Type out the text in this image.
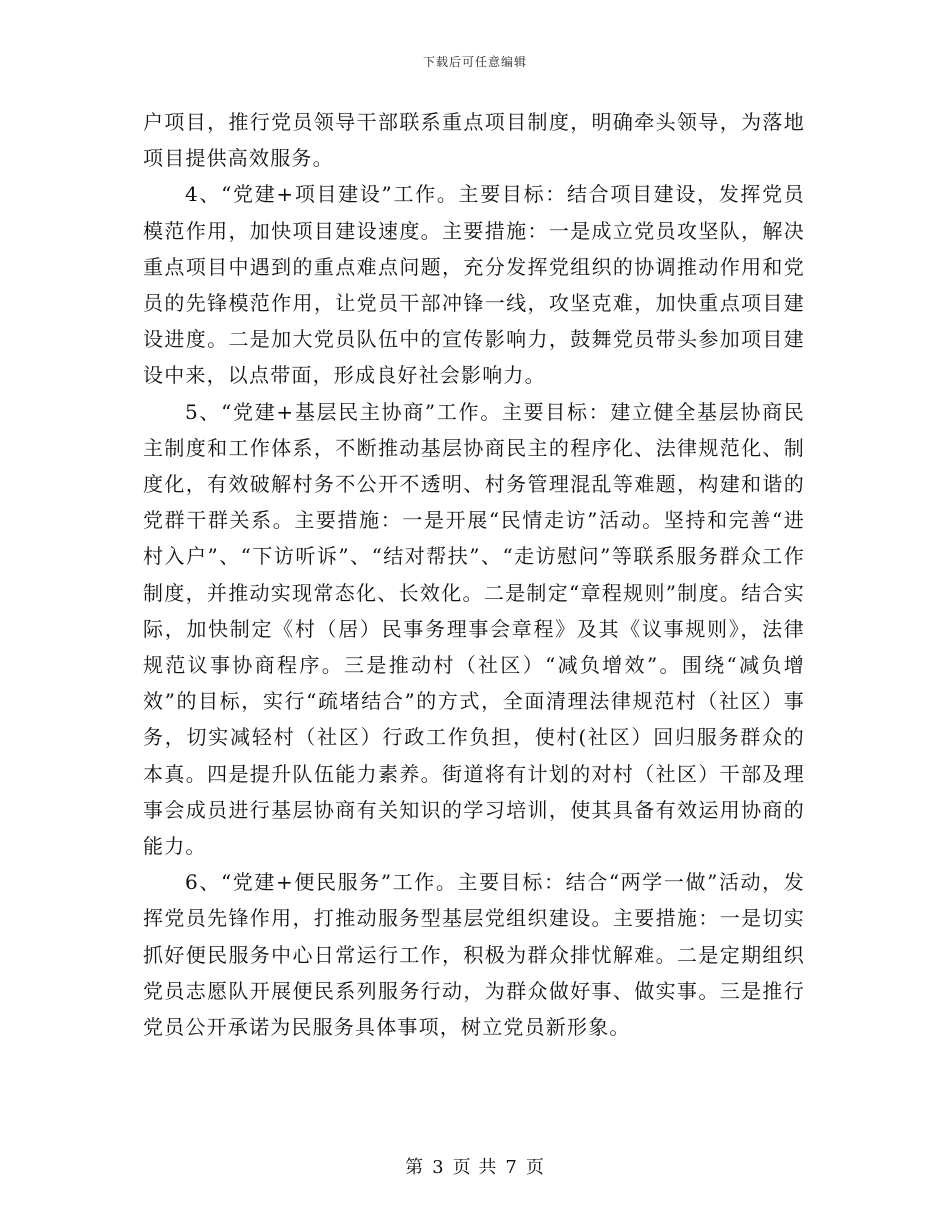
下载后可任意编辑

户项目，推行党员领导干部联系重点项目制度，明确牵头领导，为落地项目提供高效服务。

4、“党建+项目建设”工作。主要目标：结合项目建设，发挥党员模范作用，加快项目建设速度。主要措施：一是成立党员攻坚队，解决重点项目中遇到的重点难点问题，充分发挥党组织的协调推动作用和党员的先锋模范作用，让党员干部冲锋一线，攻坚克难，加快重点项目建设进度。二是加大党员队伍中的宣传影响力，鼓舞党员带头参加项目建设中来，以点带面，形成良好社会影响力。

5、“党建+基层民主协商”工作。主要目标：建立健全基层协商民主制度和工作体系，不断推动基层协商民主的程序化、法律规范化、制度化，有效破解村务不公开不透明、村务管理混乱等难题，构建和谐的党群干群关系。主要措施：一是开展“民情走访”活动。坚持和完善“进村入户”、“下访听诉”、“结对帮扶”、“走访慰问”等联系服务群众工作制度，并推动实现常态化、长效化。二是制定“章程规则”制度。结合实际，加快制定《村（居）民事务理事会章程》及其《议事规则》，法律规范议事协商程序。三是推动村（社区）“减负增效”。围绕“减负增效”的目标，实行“疏堵结合”的方式，全面清理法律规范村（社区）事务，切实减轻村（社区）行政工作负担，使村(社区）回归服务群众的本真。四是提升队伍能力素养。街道将有计划的对村（社区）干部及理事会成员进行基层协商有关知识的学习培训，使其具备有效运用协商的能力。

6、“党建+便民服务”工作。主要目标：结合“两学一做”活动，发挥党员先锋作用，打推动服务型基层党组织建设。主要措施：一是切实抓好便民服务中心日常运行工作，积极为群众排忧解难。二是定期组织党员志愿队开展便民系列服务行动，为群众做好事、做实事。三是推行党员公开承诺为民服务具体事项，树立党员新形象。

第 3 页 共 7 页
